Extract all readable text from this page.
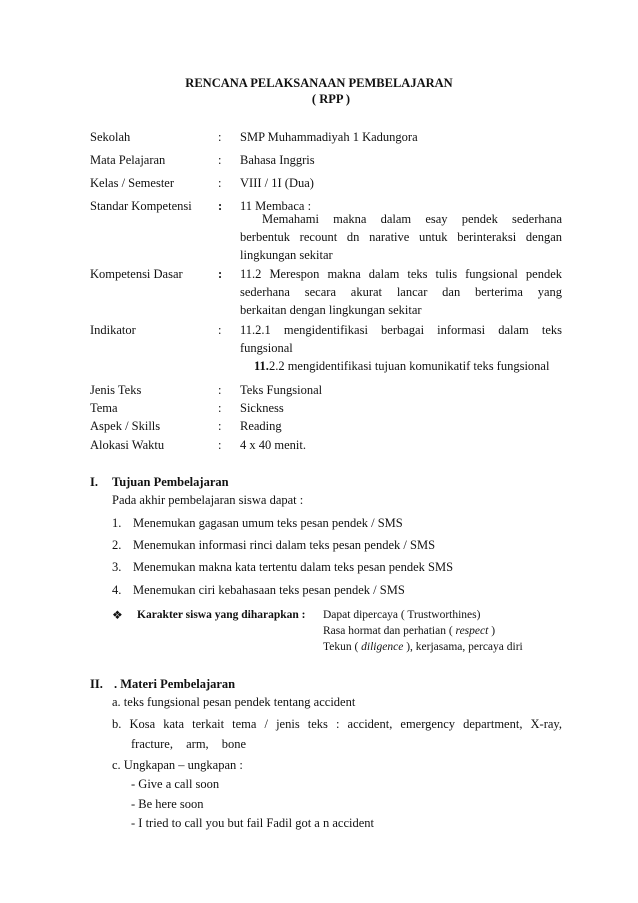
RENCANA PELAKSANAAN PEMBELAJARAN
( RPP )
Sekolah	: SMP Muhammadiyah 1 Kadungora
Mata Pelajaran	: Bahasa Inggris
Kelas / Semester	: VIII / 1I (Dua)
Standar Kompetensi : 11 Membaca :
Memahami makna dalam esay pendek sederhana
berbentuk recount dn narative untuk berinteraksi dengan
lingkungan sekitar
Kompetensi Dasar	: 11.2 Merespon makna dalam teks tulis fungsional pendek
sederhana secara akurat lancar dan berterima yang
berkaitan dengan lingkungan sekitar
Indikator	: 11.2.1 mengidentifikasi berbagai informasi dalam teks
fungsional
11.2.2 mengidentifikasi tujuan komunikatif teks fungsional
Jenis Teks	: Teks Fungsional
Tema	: Sickness
Aspek / Skills	: Reading
Alokasi Waktu	: 4 x 40 menit.
I. Tujuan Pembelajaran
Pada akhir pembelajaran siswa dapat :
1. Menemukan gagasan umum teks pesan pendek / SMS
2. Menemukan informasi rinci dalam teks pesan pendek / SMS
3. Menemukan makna kata tertentu dalam teks pesan pendek SMS
4. Menemukan ciri kebahasaan teks pesan pendek / SMS
❖ Karakter siswa yang diharapkan : Dapat dipercaya ( Trustworthines)
Rasa hormat dan perhatian ( respect )
Tekun ( diligence ), kerjasama, percaya diri
II. . Materi Pembelajaran
a. teks fungsional pesan pendek tentang accident
b. Kosa kata terkait tema / jenis teks : accident, emergency department, X-ray,
fracture, arm, bone
c. Ungkapan – ungkapan :
- Give a call soon
- Be here soon
- I tried to call you but fail Fadil got a n accident
